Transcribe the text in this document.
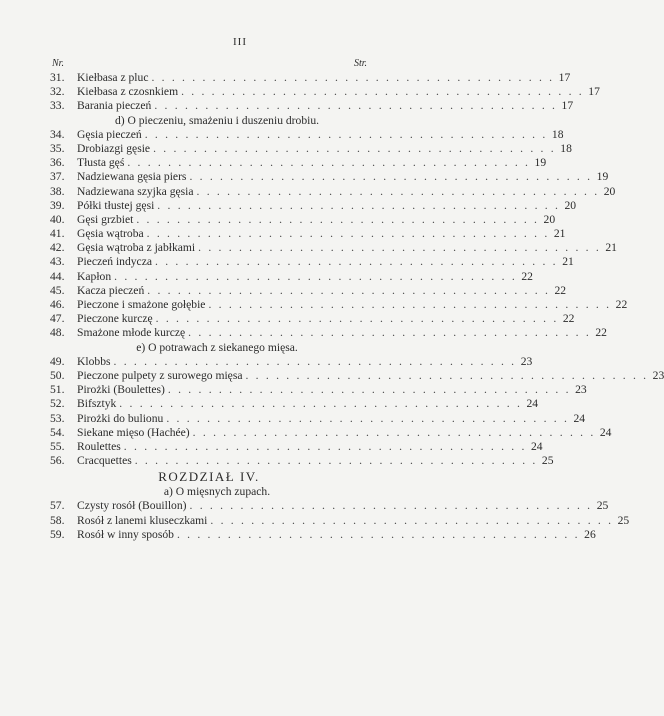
III
Nr.	Str.
31.	Kiełbasa z pluc . . . . . . . . . . . . . . . . . . . . . . . . . . . . . . . . . . . . . . . . 17
32.	Kiełbasa z czosnkiem . . . . . . . . . . . . . . . . . . . . . . . . . . . . . . . . . . . . . . . . 17
33.	Barania pieczeń . . . . . . . . . . . . . . . . . . . . . . . . . . . . . . . . . . . . . . . . 17
d) O pieczeniu, smażeniu i duszeniu drobiu.
34.	Gęsia pieczeń . . . . . . . . . . . . . . . . . . . . . . . . . . . . . . . . . . . . . . . . 18
35.	Drobiazgi gęsie . . . . . . . . . . . . . . . . . . . . . . . . . . . . . . . . . . . . . . . . 18
36.	Tłusta gęś . . . . . . . . . . . . . . . . . . . . . . . . . . . . . . . . . . . . . . . . 19
37.	Nadziewana gęsia piers . . . . . . . . . . . . . . . . . . . . . . . . . . . . . . . . . . . . . . . . 19
38.	Nadziewana szyjka gęsia . . . . . . . . . . . . . . . . . . . . . . . . . . . . . . . . . . . . . . . . 20
39.	Półki tłustej gęsi . . . . . . . . . . . . . . . . . . . . . . . . . . . . . . . . . . . . . . . . 20
40.	Gęsi grzbiet . . . . . . . . . . . . . . . . . . . . . . . . . . . . . . . . . . . . . . . . 20
41.	Gęsia wątroba . . . . . . . . . . . . . . . . . . . . . . . . . . . . . . . . . . . . . . . . 21
42.	Gęsia wątroba z jabłkami . . . . . . . . . . . . . . . . . . . . . . . . . . . . . . . . . . . . . . . . 21
43.	Pieczeń indycza . . . . . . . . . . . . . . . . . . . . . . . . . . . . . . . . . . . . . . . . 21
44.	Kapłon . . . . . . . . . . . . . . . . . . . . . . . . . . . . . . . . . . . . . . . . 22
45.	Kacza pieczeń . . . . . . . . . . . . . . . . . . . . . . . . . . . . . . . . . . . . . . . . 22
46.	Pieczone i smażone gołębie . . . . . . . . . . . . . . . . . . . . . . . . . . . . . . . . . . . . . . . . 22
47.	Pieczone kurczę . . . . . . . . . . . . . . . . . . . . . . . . . . . . . . . . . . . . . . . . 22
48.	Smażone młode kurczę . . . . . . . . . . . . . . . . . . . . . . . . . . . . . . . . . . . . . . . . 22
e) O potrawach z siekanego mięsa.
49.	Klobbs . . . . . . . . . . . . . . . . . . . . . . . . . . . . . . . . . . . . . . . . 23
50.	Pieczone pulpety z surowego mięsa . . . . . . . . . . . . . . . . . . . . . . . . . . . . . . . . . . . . . . . . 23
51.	Pirożki (Boulettes) . . . . . . . . . . . . . . . . . . . . . . . . . . . . . . . . . . . . . . . . 23
52.	Bifsztyk . . . . . . . . . . . . . . . . . . . . . . . . . . . . . . . . . . . . . . . . 24
53.	Pirożki do bulionu . . . . . . . . . . . . . . . . . . . . . . . . . . . . . . . . . . . . . . . . 24
54.	Siekane mięso (Hachée) . . . . . . . . . . . . . . . . . . . . . . . . . . . . . . . . . . . . . . . . 24
55.	Roulettes . . . . . . . . . . . . . . . . . . . . . . . . . . . . . . . . . . . . . . . . 24
56.	Cracquettes . . . . . . . . . . . . . . . . . . . . . . . . . . . . . . . . . . . . . . . . 25
ROZDZIAŁ IV.
a) O mięsnych zupach.
57.	Czysty rosół (Bouillon) . . . . . . . . . . . . . . . . . . . . . . . . . . . . . . . . . . . . . . . . 25
58.	Rosół z lanemi kluseczkami . . . . . . . . . . . . . . . . . . . . . . . . . . . . . . . . . . . . . . . . 25
59.	Rosół w inny sposób . . . . . . . . . . . . . . . . . . . . . . . . . . . . . . . . . . . . . . . . 26
